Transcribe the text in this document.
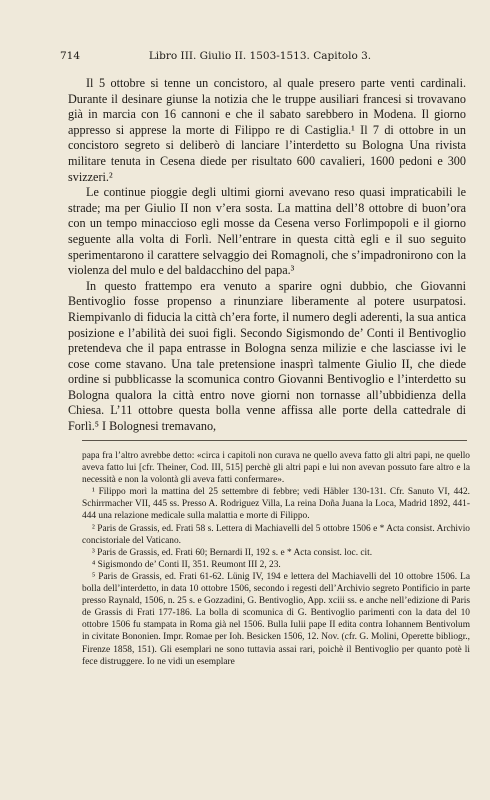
714	Libro III. Giulio II. 1503-1513. Capitolo 3.

Il 5 ottobre si tenne un concistoro, al quale presero parte venti cardinali. Durante il desinare giunse la notizia che le truppe ausiliari francesi si trovavano già in marcia con 16 cannoni e che il sabato sarebbero in Modena. Il giorno appresso si apprese la morte di Filippo re di Castiglia.¹ Il 7 di ottobre in un concistoro segreto si deliberò di lanciare l’interdetto su Bologna Una rivista militare tenuta in Cesena diede per risultato 600 cavalieri, 1600 pedoni e 300 svizzeri.²

Le continue pioggie degli ultimi giorni avevano reso quasi impraticabili le strade; ma per Giulio II non v’era sosta. La mattina dell’8 ottobre di buon’ora con un tempo minaccioso egli mosse da Cesena verso Forlimpopoli e il giorno seguente alla volta di Forlì. Nell’entrare in questa città egli e il suo seguito sperimentarono il carattere selvaggio dei Romagnoli, che s’impadronirono con la violenza del mulo e del baldacchino del papa.³

In questo frattempo era venuto a sparire ogni dubbio, che Giovanni Bentivoglio fosse propenso a rinunziare liberamente al potere usurpatosi. Riempivanlo di fiducia la città ch’era forte, il numero degli aderenti, la sua antica posizione e l’abilità dei suoi figli. Secondo Sigismondo de’ Conti il Bentivoglio pretendeva che il papa entrasse in Bologna senza milizie e che lasciasse ivi le cose come stavano. Una tale pretensione inasprì talmente Giulio II, che diede ordine si pubblicasse la scomunica contro Giovanni Bentivoglio e l’interdetto su Bologna qualora la città entro nove giorni non tornasse all’ubbidienza della Chiesa. L’11 ottobre questa bolla venne affissa alle porte della cattedrale di Forlì.⁵ I Bolognesi tremavano,

papa fra l’altro avrebbe detto: «circa i capitoli non curava ne quello aveva fatto gli altri papi, ne quello aveva fatto lui [cfr. Theiner, Cod. III, 515] perchè gli altri papi e lui non avevan possuto fare altro e la necessità e non la volontà gli aveva fatti confermare».

¹ Filippo morì la mattina del 25 settembre di febbre; vedi Häbler 130-131. Cfr. Sanuto VI, 442. Schirrmacher VII, 445 ss. Presso A. Rodriguez Villa, La reina Doña Juana la Loca, Madrid 1892, 441-444 una relazione medicale sulla malattia e morte di Filippo.

² Paris de Grassis, ed. Frati 58 s. Lettera di Machiavelli del 5 ottobre 1506 e * Acta consist. Archivio concistoriale del Vaticano.

³ Paris de Grassis, ed. Frati 60; Bernardi II, 192 s. e * Acta consist. loc. cit.

⁴ Sigismondo de’ Conti II, 351. Reumont III 2, 23.

⁵ Paris de Grassis, ed. Frati 61-62. Lünig IV, 194 e lettera del Machiavelli del 10 ottobre 1506. La bolla dell’interdetto, in data 10 ottobre 1506, secondo i regesti dell’Archivio segreto Pontificio in parte presso Raynald, 1506, n. 25 s. e Gozzadini, G. Bentivoglio, App. xciii ss. e anche nell’edizione di Paris de Grassis di Frati 177-186. La bolla di scomunica di G. Bentivoglio parimenti con la data del 10 ottobre 1506 fu stampata in Roma già nel 1506. Bulla Iulii pape II edita contra Iohannem Bentivolum in civitate Bononien. Impr. Romae per Ioh. Besicken 1506, 12. Nov. (cfr. G. Molini, Operette bibliogr., Firenze 1858, 151). Gli esemplari ne sono tuttavia assai rari, poichè il Bentivoglio per quanto potè li fece distruggere. Io ne vidi un esemplare
